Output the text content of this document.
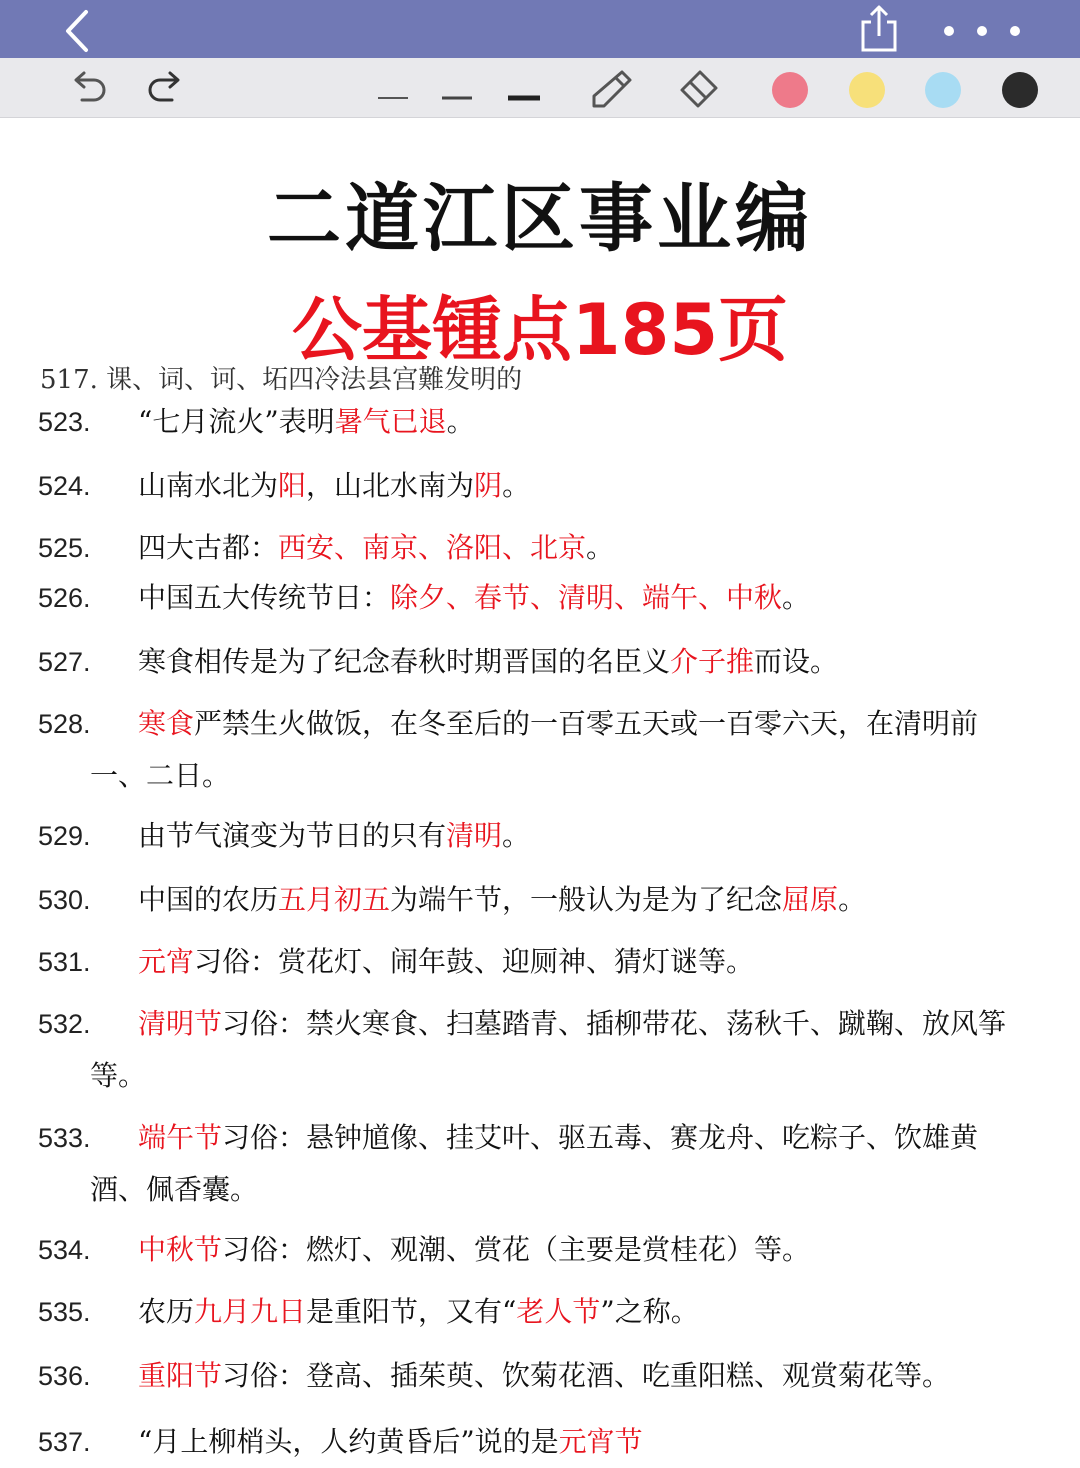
二道江区事业编
公基锺点185页
517. 课、词、诃、坧四冷法县宫難发明的
523. “七月流火”表明暑气已退。
524. 山南水北为阳，山北水南为阴。
525. 四大古都：西安、南京、洛阳、北京。
526. 中国五大传统节日：除夕、春节、清明、端午、中秋。
527. 寒食相传是为了纪念春秋时期晋国的名臣义介子推而设。
528. 寒食严禁生火做饭，在冬至后的一百零五天或一百零六天，在清明前
一、二日。
529. 由节气演变为节日的只有清明。
530. 中国的农历五月初五为端午节，一般认为是为了纪念屈原。
531. 元宵习俗：赏花灯、闹年鼓、迎厕神、猜灯谜等。
532. 清明节习俗：禁火寒食、扫墓踏青、插柳带花、荡秋千、蹴鞠、放风筝
等。
533. 端午节习俗：悬钟馗像、挂艾叶、驱五毒、赛龙舟、吃粽子、饮雄黄
酒、佩香囊。
534. 中秋节习俗：燃灯、观潮、赏花（主要是赏桂花）等。
535. 农历九月九日是重阳节，又有“老人节”之称。
536. 重阳节习俗：登高、插茱萸、饮菊花酒、吃重阳糕、观赏菊花等。
537. “月上柳梢头，人约黄昏后”说的是元宵节
